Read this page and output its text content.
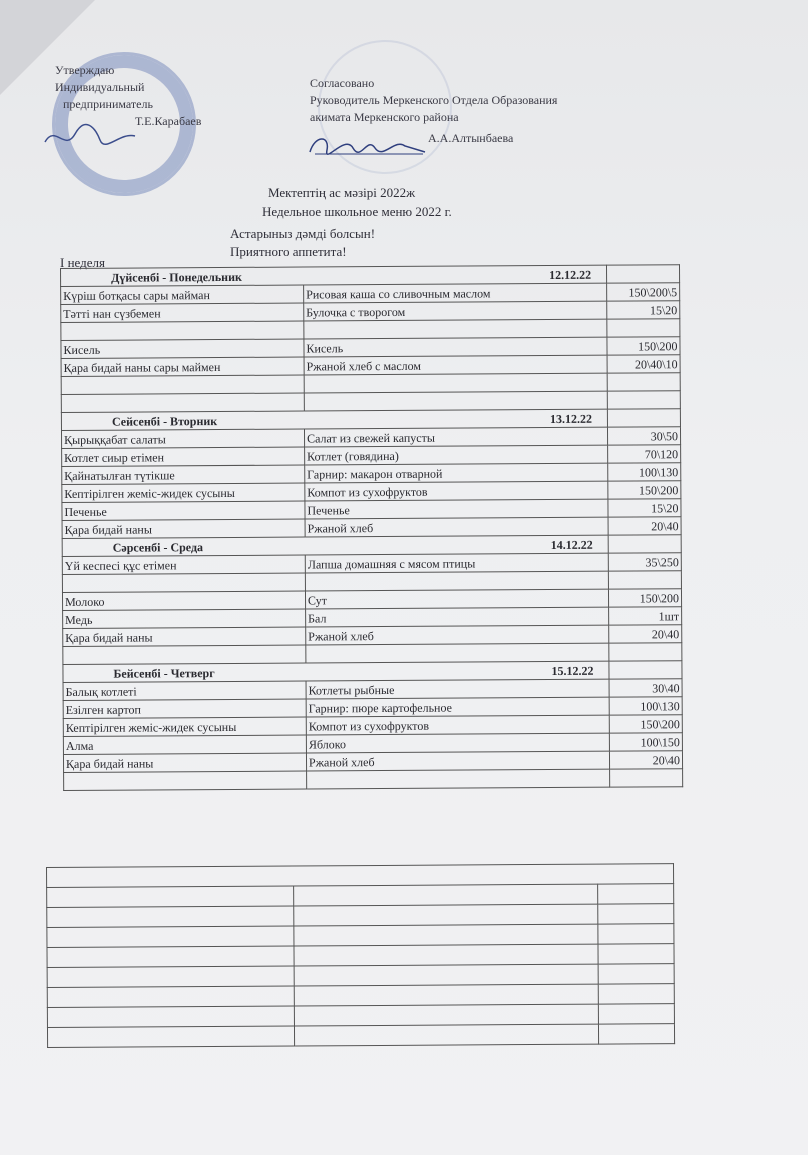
Утверждаю
Индивидуальный
предприниматель
Т.Е.Карабаев
Согласовано
Руководитель Меркенского Отдела Образования
акимата Меркенского района
А.А.Алтынбаева
Мектептің ас мәзірі 2022ж
Недельное школьное меню 2022 г.
Астарыныз дәмді болсын!
Приятного аппетита!
I неделя
Дүйсенбі - Понедельник	12.12.22
Күріш ботқасы сары майман	Рисовая каша со сливочным маслом	150\200\5
Тәтті нан сүзбемен	Булочка с творогом	15\20

Кисель	Кисель	150\200
Қара бидай наны сары маймен	Ржаной хлеб с маслом	20\40\10

Сейсенбі - Вторник	13.12.22
Қырыққабат салаты	Салат из свежей капусты	30\50
Котлет сиыр етімен	Котлет (говядина)	70\120
Қайнатылған түтікше	Гарнир: макарон отварной	100\130
Кептірілген жеміс-жидек сусыны	Компот из сухофруктов	150\200
Печенье	Печенье	15\20
Қара бидай наны	Ржаной хлеб	20\40
Сәрсенбі - Среда	14.12.22
Үй кеспесі құс етімен	Лапша домашняя с мясом птицы	35\250

Молоко	Сут	150\200
Медь	Бал	1шт
Қара бидай наны	Ржаной хлеб	20\40

Бейсенбі - Четверг	15.12.22
Балық котлеті	Котлеты рыбные	30\40
Езілген картоп	Гарнир: пюре картофельное	100\130
Кептірілген жеміс-жидек сусыны	Компот из сухофруктов	150\200
Алма	Яблоко	100\150
Қара бидай наны	Ржаной хлеб	20\40
